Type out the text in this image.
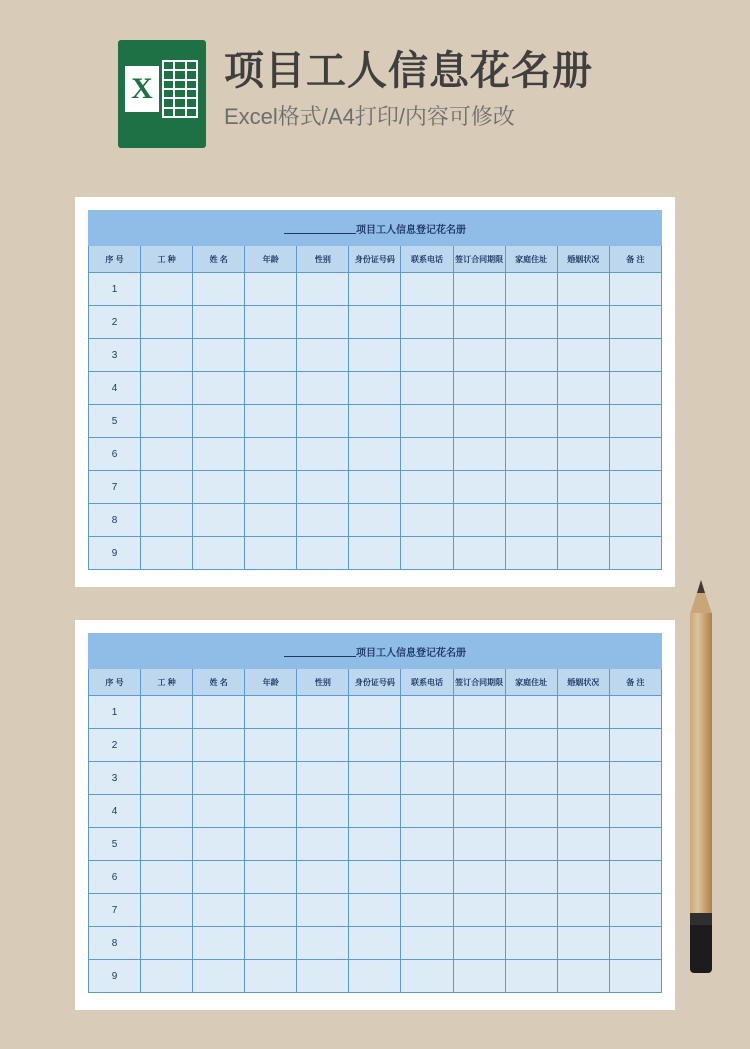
X 项目工人信息花名册
Excel格式/A4打印/内容可修改
项目工人信息登记花名册										
序 号	工 种	姓 名	年龄	性别	身份证号码	联系电话	签订合同期限	家庭住址	婚姻状况	备 注
1										
2										
3										
4										
5										
6										
7										
8										
9										
项目工人信息登记花名册										
序 号	工 种	姓 名	年龄	性别	身份证号码	联系电话	签订合同期限	家庭住址	婚姻状况	备 注
1										
2										
3										
4										
5										
6										
7										
8										
9										
